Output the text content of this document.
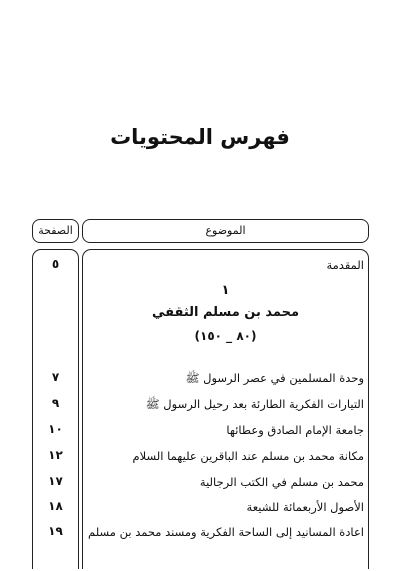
فهرس المحتويات
الموضوع
الصفحة
المقدمة
٥
١
محمد بن مسلم الثقفي
(٨٠ _ ١٥٠)
وحدة المسلمين في عصر الرسول ﷺ
٧
التيارات الفكرية الطارئة بعد رحيل الرسول ﷺ
٩
جامعة الإمام الصادق وعطائها
١٠
مكانة محمد بن مسلم عند الباقرين عليهما السلام
١٢
محمد بن مسلم في الكتب الرجالية
١٧
الأصول الأربعمائة للشيعة
١٨
اعادة المسانيد إلى الساحة الفكرية ومسند محمد بن مسلم
١٩
